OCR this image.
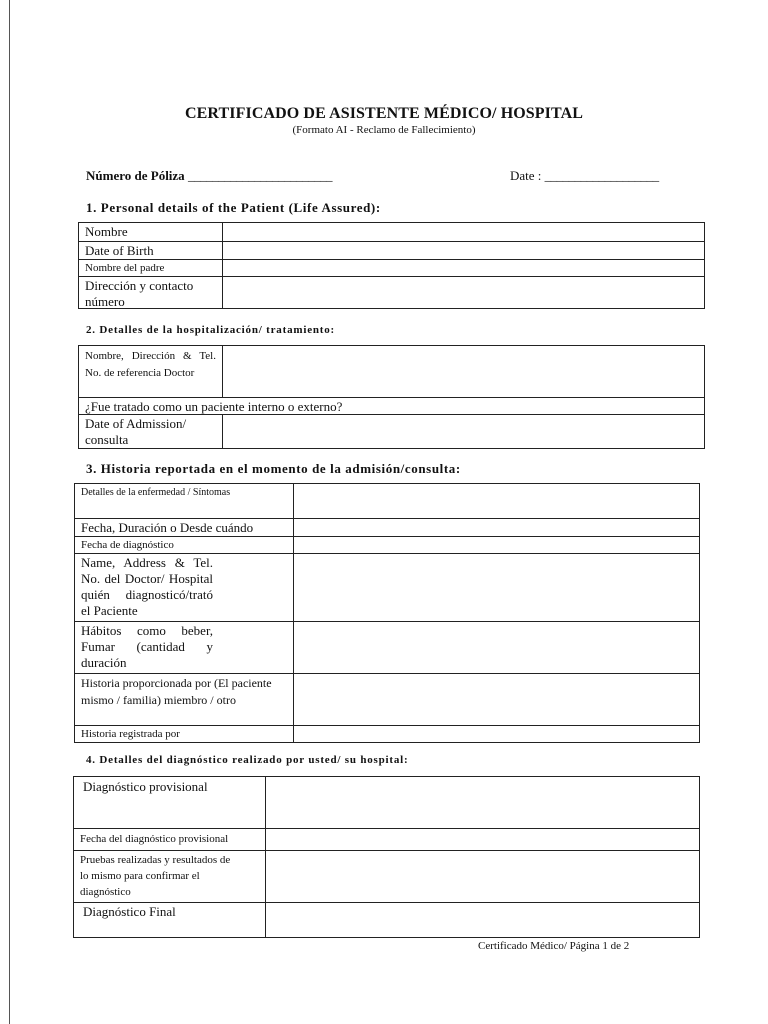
CERTIFICADO DE ASISTENTE MÉDICO/ HOSPITAL
(Formato AI - Reclamo de Fallecimiento)
Número de Póliza ________________________	Date : ___________________
1. Personal details of the Patient (Life Assured):
Nombre
Date of Birth
Nombre del padre
Dirección y contacto número
2. Detalles de la hospitalización/ tratamiento:
Nombre, Dirección & Tel. No. de referencia Doctor
¿Fue tratado como un paciente interno o externo?
Date of Admission/ consulta
3. Historia reportada en el momento de la admisión/consulta:
Detalles de la enfermedad / Síntomas
Fecha, Duración o Desde cuándo
Fecha de diagnóstico
Name, Address & Tel. No. del Doctor/ Hospital quién diagnosticó/trató el Paciente
Hábitos como beber, Fumar (cantidad y duración
Historia proporcionada por (El paciente mismo / familia) miembro / otro
Historia registrada por
4. Detalles del diagnóstico realizado por usted/ su hospital:
Diagnóstico provisional
Fecha del diagnóstico provisional
Pruebas realizadas y resultados de lo mismo para confirmar el diagnóstico
Diagnóstico Final
Certificado Médico/ Página 1 de 2
